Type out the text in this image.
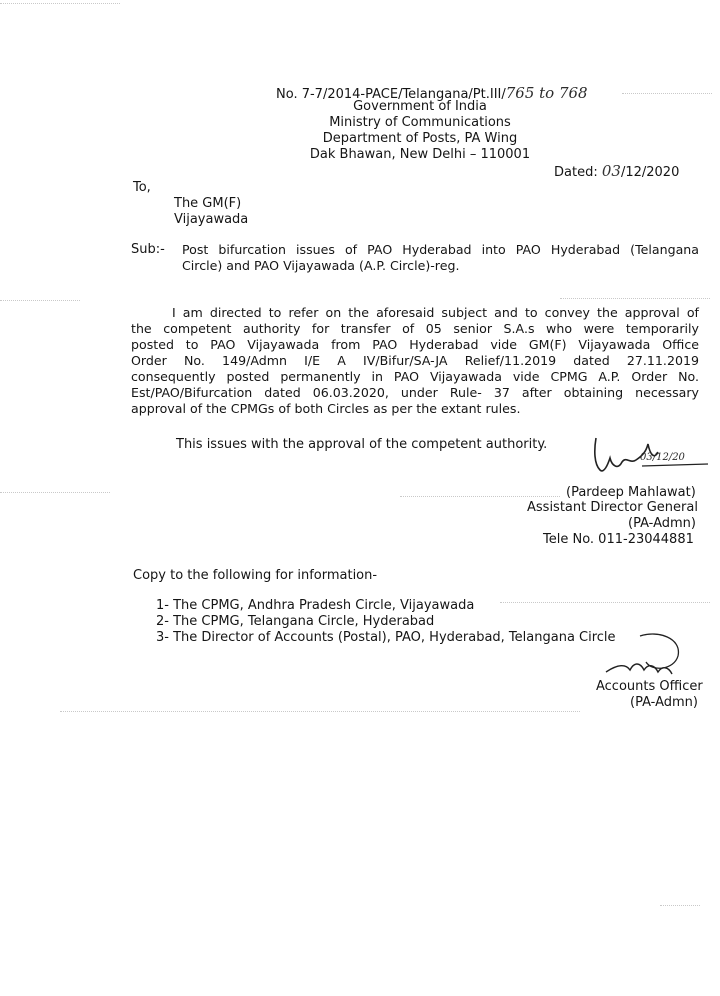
No. 7-7/2014-PACE/Telangana/Pt.III/765 to 768
Government of India
Ministry of Communications
Department of Posts, PA Wing
Dak Bhawan, New Delhi – 110001
Dated: 03/12/2020
To,
The GM(F)
Vijayawada
Sub:- Post bifurcation issues of PAO Hyderabad into PAO Hyderabad (Telangana
Circle) and PAO Vijayawada (A.P. Circle)-reg.
I am directed to refer on the aforesaid subject and to convey the approval of
the competent authority for transfer of 05 senior S.A.s who were temporarily
posted to PAO Vijayawada from PAO Hyderabad vide GM(F) Vijayawada Office
Order No. 149/Admn I/E A IV/Bifur/SA-JA Relief/11.2019 dated 27.11.2019
consequently posted permanently in PAO Vijayawada vide CPMG A.P. Order No.
Est/PAO/Bifurcation dated 06.03.2020, under Rule- 37 after obtaining necessary
approval of the CPMGs of both Circles as per the extant rules.
This issues with the approval of the competent authority.
03/12/20
(Pardeep Mahlawat)
Assistant Director General
(PA-Admn)
Tele No. 011-23044881
Copy to the following for information-
1- The CPMG, Andhra Pradesh Circle, Vijayawada
2- The CPMG, Telangana Circle, Hyderabad
3- The Director of Accounts (Postal), PAO, Hyderabad, Telangana Circle
Accounts Officer
(PA-Admn)
